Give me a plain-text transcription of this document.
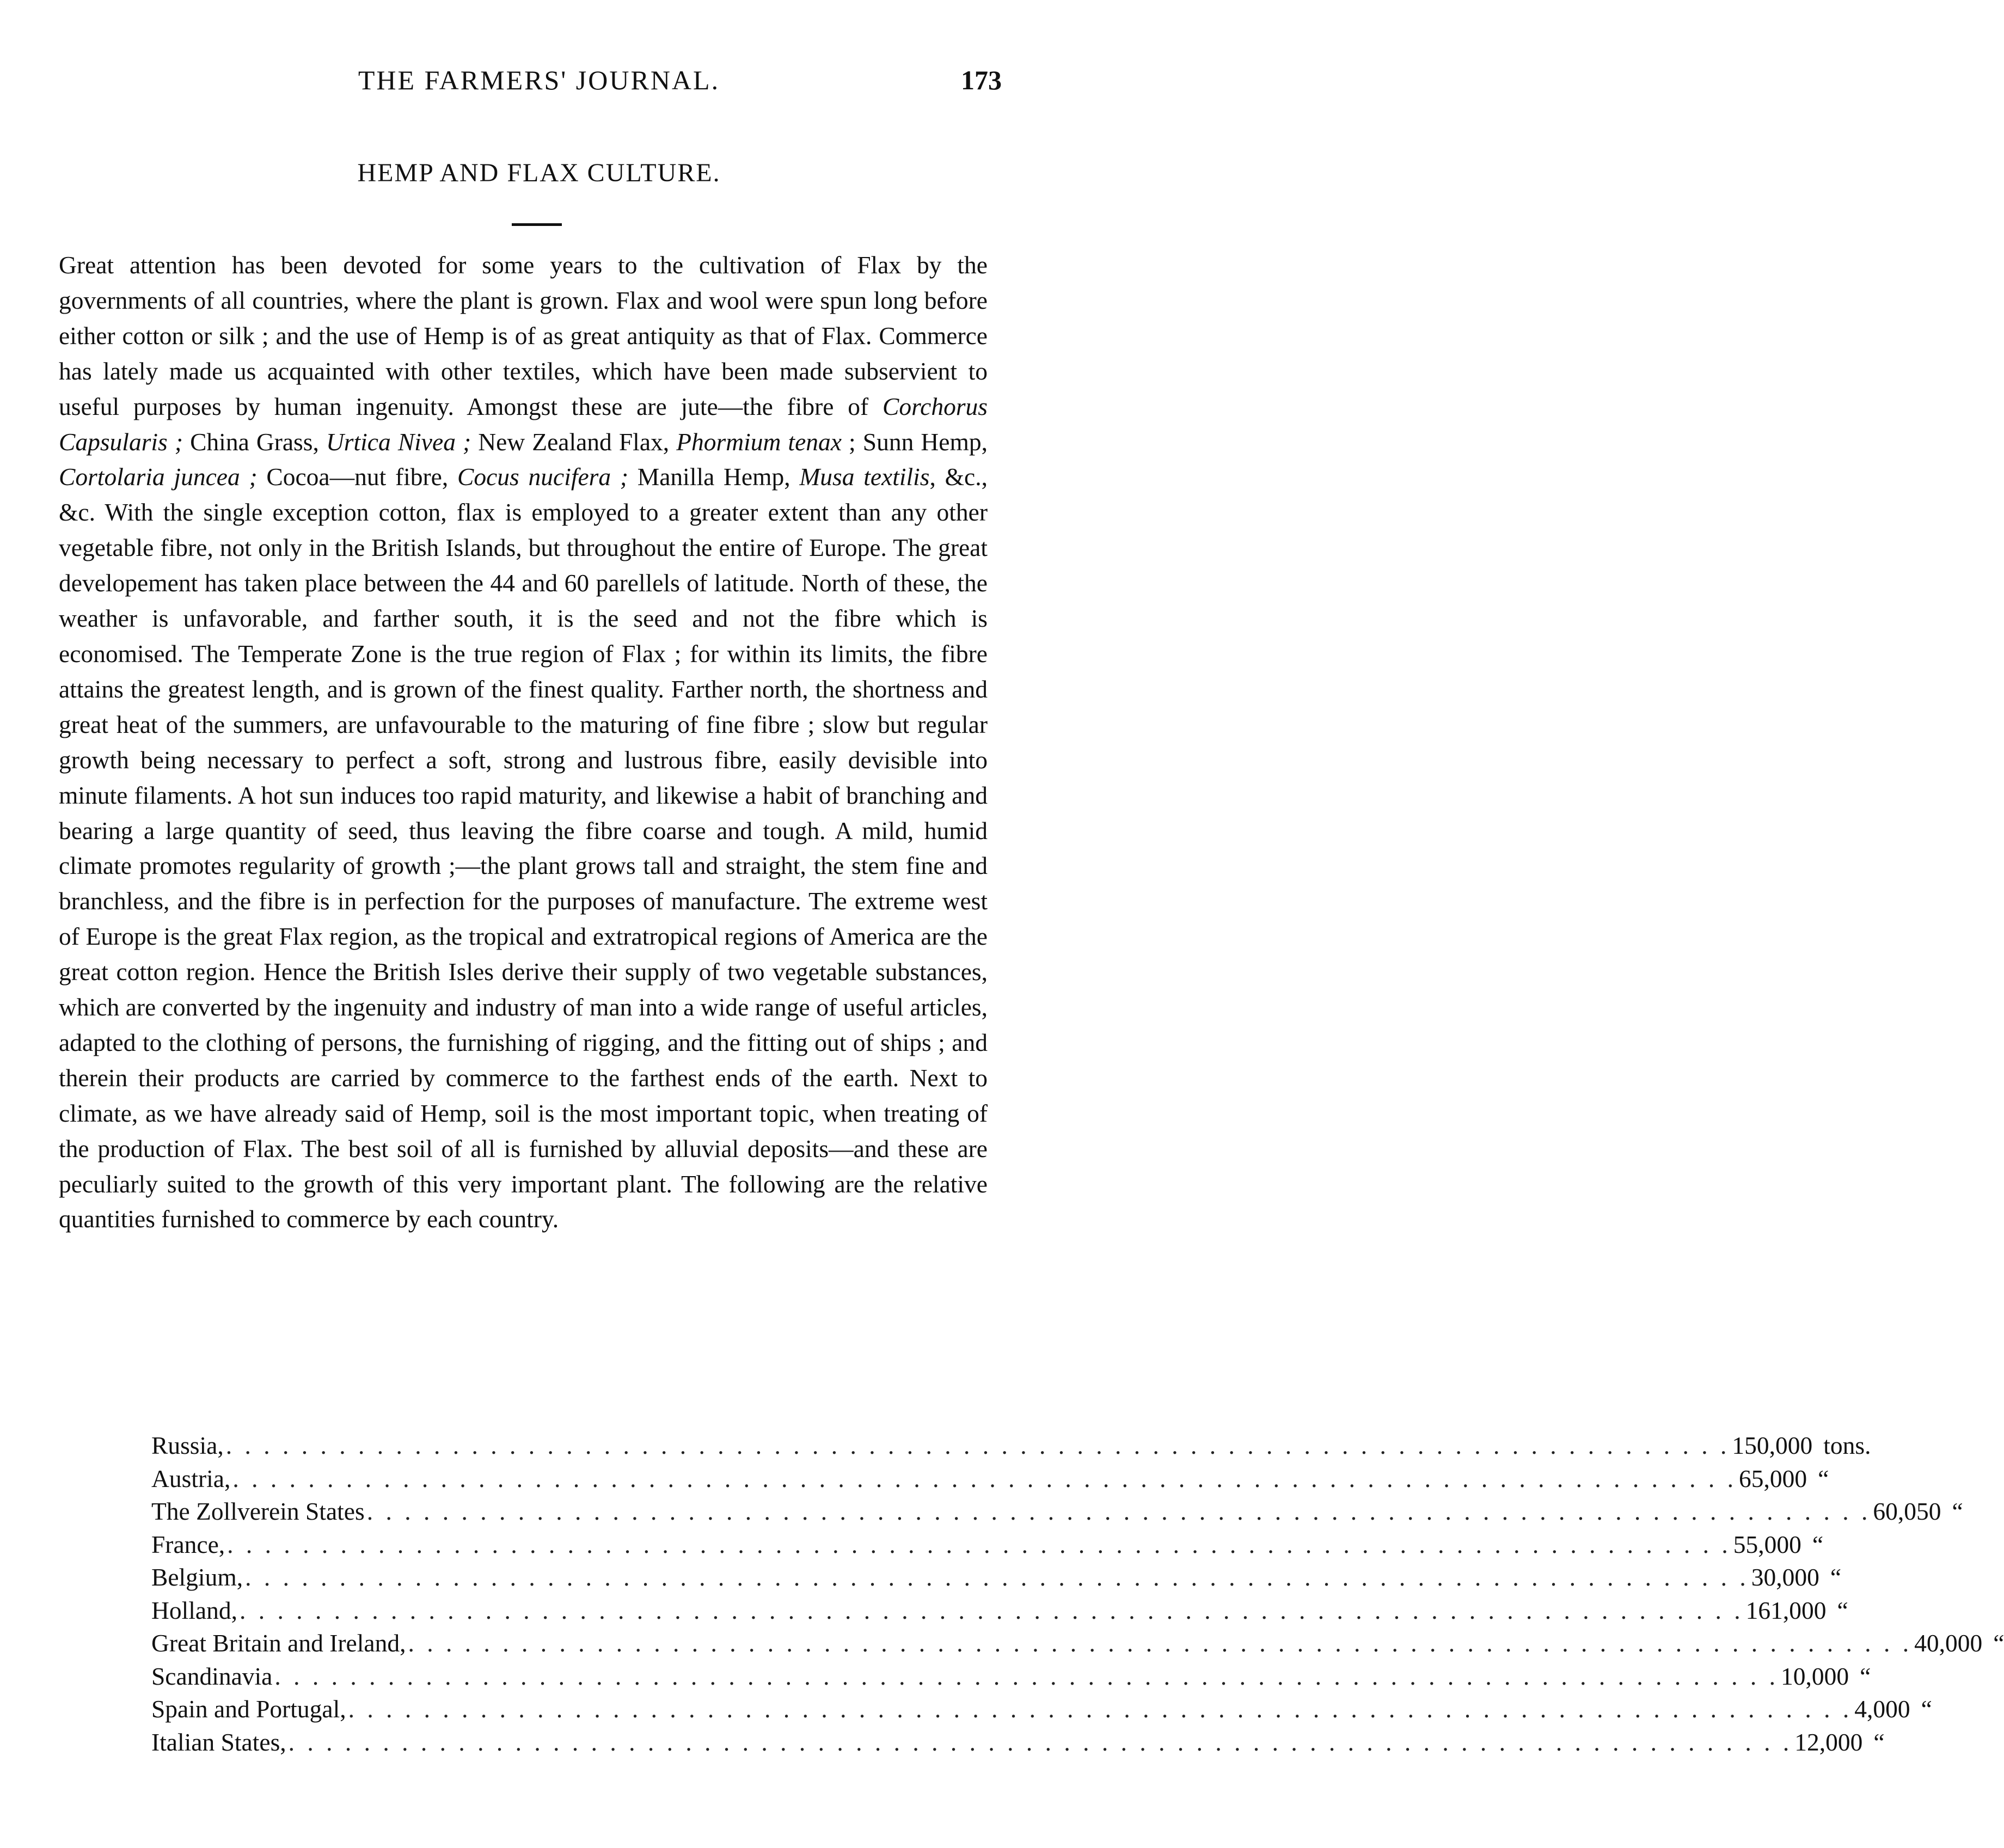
THE FARMERS' JOURNAL.	173
HEMP AND FLAX CULTURE.
Great attention has been devoted for some years to the cultivation of Flax by the governments of all countries, where the plant is grown. Flax and wool were spun long before either cotton or silk ; and the use of Hemp is of as great antiquity as that of Flax. Commerce has lately made us acquainted with other textiles, which have been made subservient to useful purposes by human ingenuity. Amongst these are jute—the fibre of Corchorus Capsularis ; China Grass, Urtica Nivea ; New Zealand Flax, Phormium tenax ; Sunn Hemp, Cortolaria juncea ; Cocoa—nut fibre, Cocus nucifera ; Manilla Hemp, Musa textilis, &c., &c. With the single exception cotton, flax is employed to a greater extent than any other vegetable fibre, not only in the British Islands, but throughout the entire of Europe. The great developement has taken place between the 44 and 60 parellels of latitude. North of these, the weather is unfavorable, and farther south, it is the seed and not the fibre which is economised. The Temperate Zone is the true region of Flax ; for within its limits, the fibre attains the greatest length, and is grown of the finest quality. Farther north, the shortness and great heat of the summers, are unfavourable to the maturing of fine fibre ; slow but regular growth being necessary to perfect a soft, strong and lustrous fibre, easily devisible into minute filaments. A hot sun induces too rapid maturity, and likewise a habit of branching and bearing a large quantity of seed, thus leaving the fibre coarse and tough. A mild, humid climate promotes regularity of growth ;—the plant grows tall and straight, the stem fine and branchless, and the fibre is in perfection for the purposes of manufacture. The extreme west of Europe is the great Flax region, as the tropical and extratropical regions of America are the great cotton region. Hence the British Isles derive their supply of two vegetable substances, which are converted by the ingenuity and industry of man into a wide range of useful articles, adapted to the clothing of persons, the furnishing of rigging, and the fitting out of ships ; and therein their products are carried by commerce to the farthest ends of the earth. Next to climate, as we have already said of Hemp, soil is the most important topic, when treating of the production of Flax. The best soil of all is furnished by alluvial deposits—and these are peculiarly suited to the growth of this very important plant. The following are the relative quantities furnished to commerce by each country.
Russia, . . . . . . . . . . . . . . . . . . . . . . . . . . . . . . . . . . . . . . . . . . . . . . . . . . . . . . . . . . . . . . . . . . . . . . . . . . . . . . . . 150,000 tons.
Austria, . . . . . . . . . . . . . . . . . . . . . . . . . . . . . . . . . . . . . . . . . . . . . . . . . . . . . . . . . . . . . . . . . . . . . . . . . . . . . . . . 65,000 “
The Zollverein States . . . . . . . . . . . . . . . . . . . . . . . . . . . . . . . . . . . . . . . . . . . . . . . . . . . . . . . . . . . . . . . . . . . . . . . . . . . . . . . . 60,050 “
France, . . . . . . . . . . . . . . . . . . . . . . . . . . . . . . . . . . . . . . . . . . . . . . . . . . . . . . . . . . . . . . . . . . . . . . . . . . . . . . . . 55,000 “
Belgium, . . . . . . . . . . . . . . . . . . . . . . . . . . . . . . . . . . . . . . . . . . . . . . . . . . . . . . . . . . . . . . . . . . . . . . . . . . . . . . . . 30,000 “
Holland, . . . . . . . . . . . . . . . . . . . . . . . . . . . . . . . . . . . . . . . . . . . . . . . . . . . . . . . . . . . . . . . . . . . . . . . . . . . . . . . . 161,000 “
Great Britain and Ireland, . . . . . . . . . . . . . . . . . . . . . . . . . . . . . . . . . . . . . . . . . . . . . . . . . . . . . . . . . . . . . . . . . . . . . . . . . . . . . . . . 40,000 “
Scandinavia . . . . . . . . . . . . . . . . . . . . . . . . . . . . . . . . . . . . . . . . . . . . . . . . . . . . . . . . . . . . . . . . . . . . . . . . . . . . . . . . 10,000 “
Spain and Portugal, . . . . . . . . . . . . . . . . . . . . . . . . . . . . . . . . . . . . . . . . . . . . . . . . . . . . . . . . . . . . . . . . . . . . . . . . . . . . . . . . 4,000 “
Italian States, . . . . . . . . . . . . . . . . . . . . . . . . . . . . . . . . . . . . . . . . . . . . . . . . . . . . . . . . . . . . . . . . . . . . . . . . . . . . . . . . 12,000 “
